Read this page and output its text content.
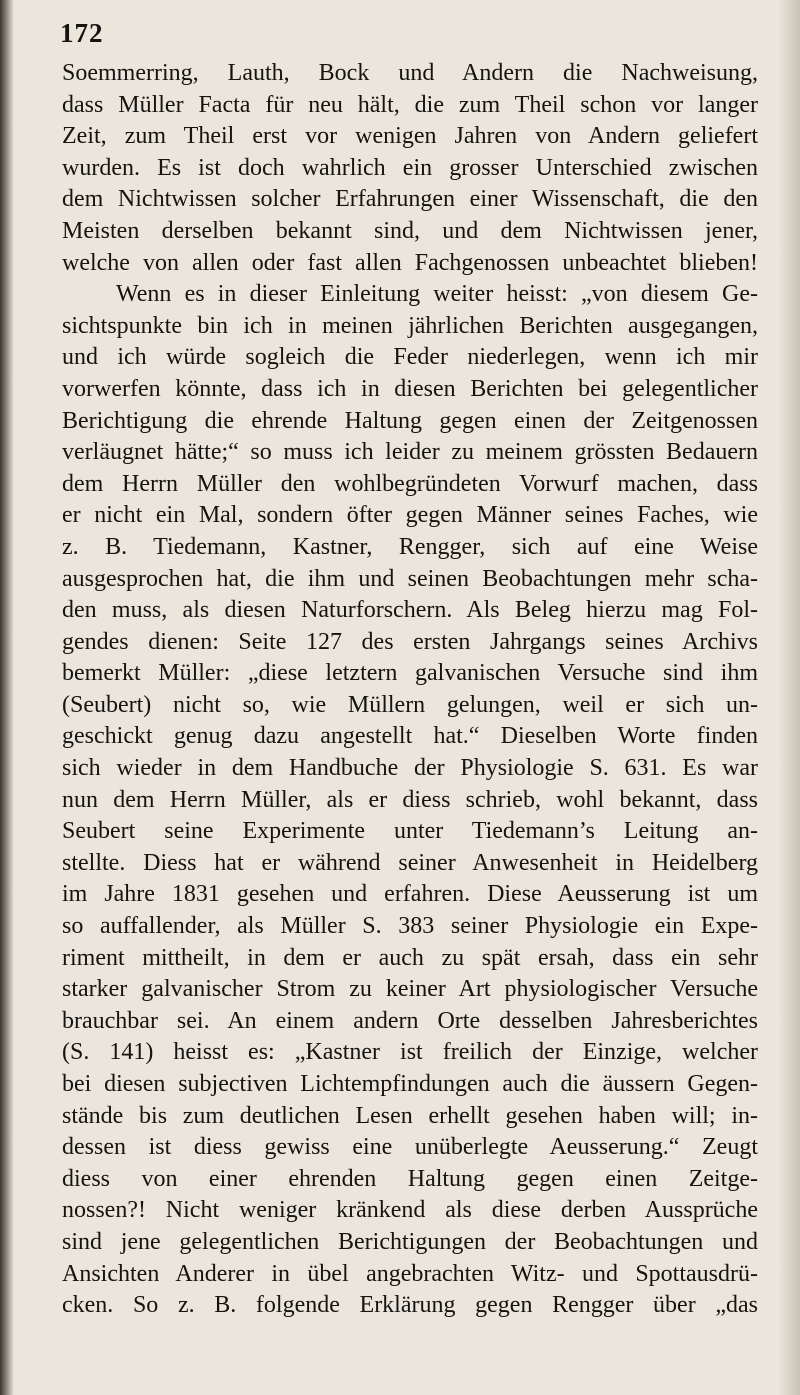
172
Soemmerring, Lauth, Bock und Andern die Nachweisung,
dass Müller Facta für neu hält, die zum Theil schon vor langer
Zeit, zum Theil erst vor wenigen Jahren von Andern geliefert
wurden. Es ist doch wahrlich ein grosser Unterschied zwischen
dem Nichtwissen solcher Erfahrungen einer Wissenschaft, die den
Meisten derselben bekannt sind, und dem Nichtwissen jener,
welche von allen oder fast allen Fachgenossen unbeachtet blieben!
Wenn es in dieser Einleitung weiter heisst: „von diesem Ge-
sichtspunkte bin ich in meinen jährlichen Berichten ausgegangen,
und ich würde sogleich die Feder niederlegen, wenn ich mir
vorwerfen könnte, dass ich in diesen Berichten bei gelegentlicher
Berichtigung die ehrende Haltung gegen einen der Zeitgenossen
verläugnet hätte;“ so muss ich leider zu meinem grössten Bedauern
dem Herrn Müller den wohlbegründeten Vorwurf machen, dass
er nicht ein Mal, sondern öfter gegen Männer seines Faches, wie
z. B. Tiedemann, Kastner, Rengger, sich auf eine Weise
ausgesprochen hat, die ihm und seinen Beobachtungen mehr scha-
den muss, als diesen Naturforschern. Als Beleg hierzu mag Fol-
gendes dienen: Seite 127 des ersten Jahrgangs seines Archivs
bemerkt Müller: „diese letztern galvanischen Versuche sind ihm
(Seubert) nicht so, wie Müllern gelungen, weil er sich un-
geschickt genug dazu angestellt hat.“ Dieselben Worte finden
sich wieder in dem Handbuche der Physiologie S. 631. Es war
nun dem Herrn Müller, als er diess schrieb, wohl bekannt, dass
Seubert seine Experimente unter Tiedemann’s Leitung an-
stellte. Diess hat er während seiner Anwesenheit in Heidelberg
im Jahre 1831 gesehen und erfahren. Diese Aeusserung ist um
so auffallender, als Müller S. 383 seiner Physiologie ein Expe-
riment mittheilt, in dem er auch zu spät ersah, dass ein sehr
starker galvanischer Strom zu keiner Art physiologischer Versuche
brauchbar sei. An einem andern Orte desselben Jahresberichtes
(S. 141) heisst es: „Kastner ist freilich der Einzige, welcher
bei diesen subjectiven Lichtempfindungen auch die äussern Gegen-
stände bis zum deutlichen Lesen erhellt gesehen haben will; in-
dessen ist diess gewiss eine unüberlegte Aeusserung.“ Zeugt
diess von einer ehrenden Haltung gegen einen Zeitge-
nossen?! Nicht weniger kränkend als diese derben Aussprüche
sind jene gelegentlichen Berichtigungen der Beobachtungen und
Ansichten Anderer in übel angebrachten Witz- und Spottausdrü-
cken. So z. B. folgende Erklärung gegen Rengger über „das
